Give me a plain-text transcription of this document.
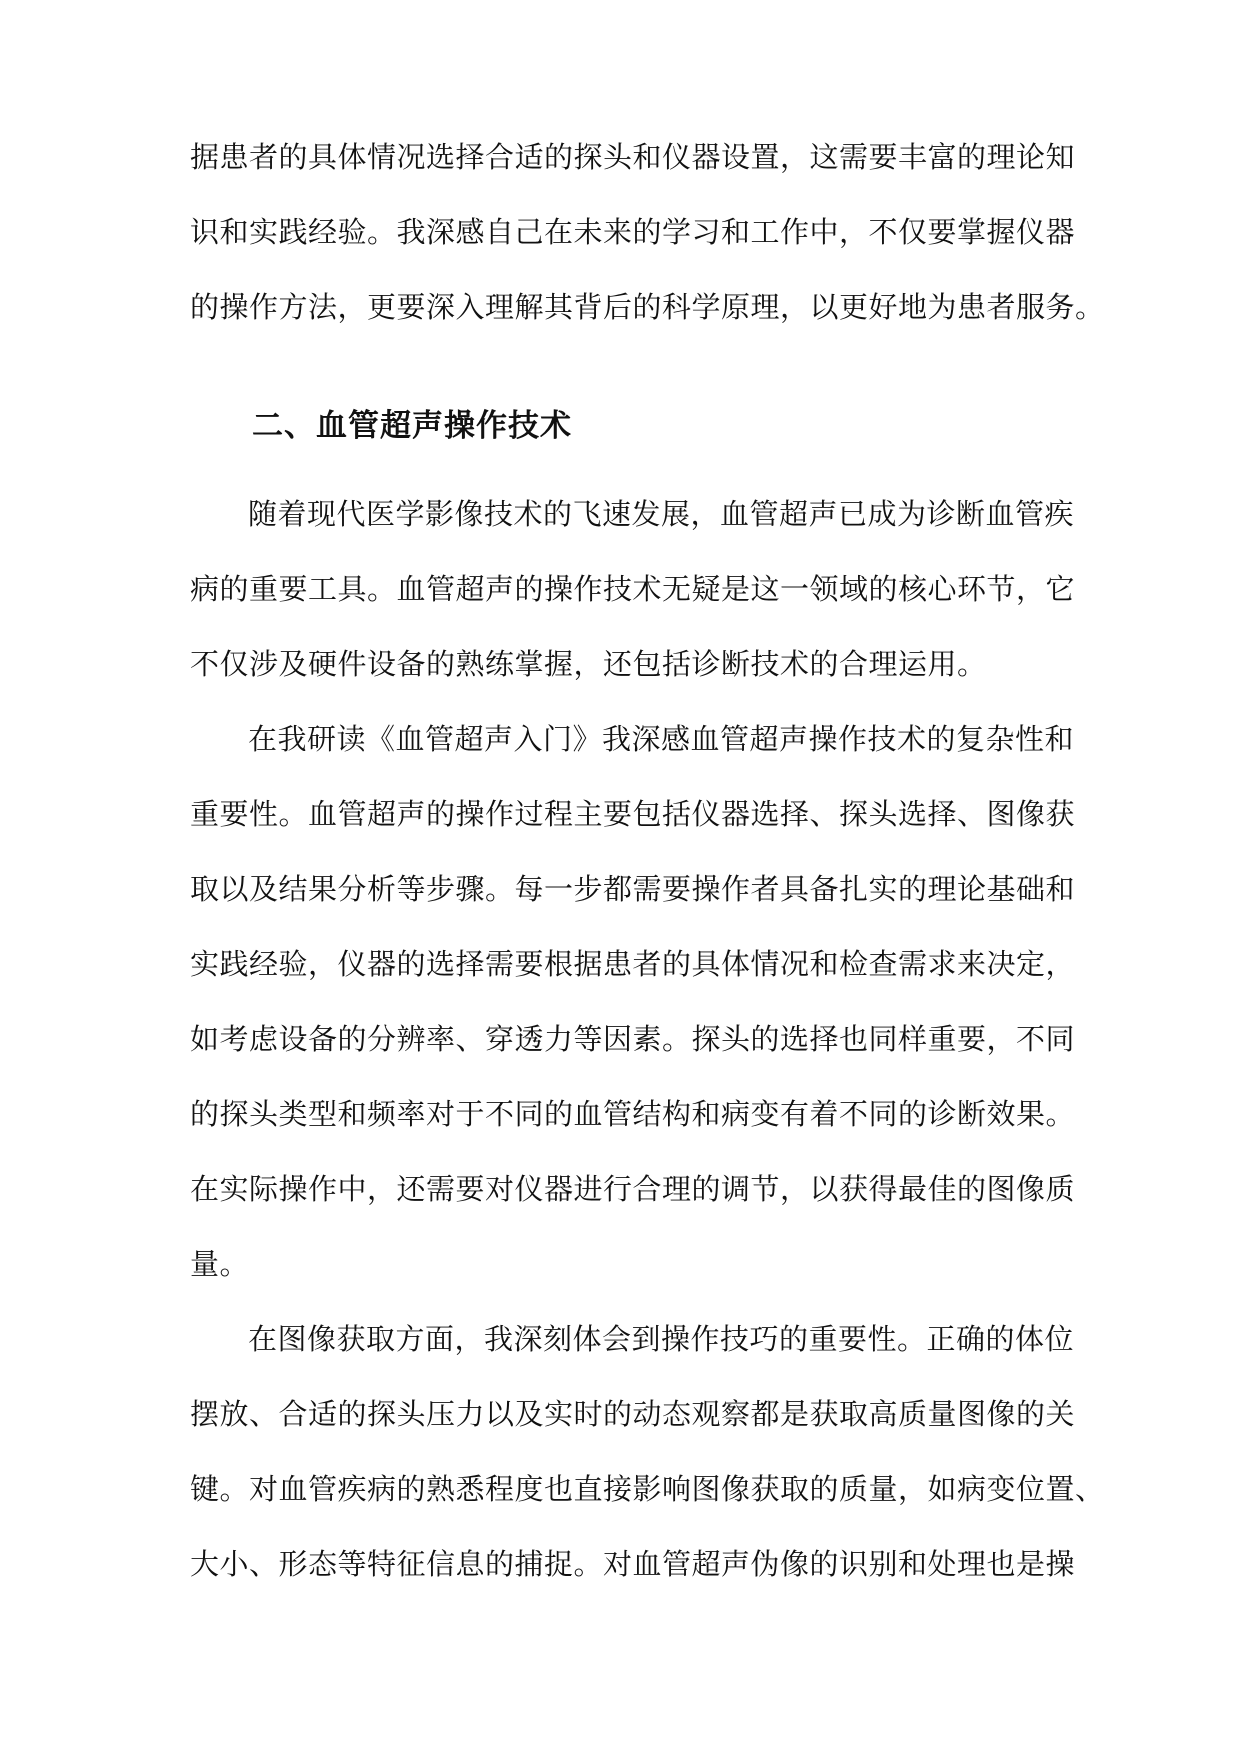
据患者的具体情况选择合适的探头和仪器设置，这需要丰富的理论知
识和实践经验。我深感自己在未来的学习和工作中，不仅要掌握仪器
的操作方法，更要深入理解其背后的科学原理，以更好地为患者服务。
二、血管超声操作技术
随着现代医学影像技术的飞速发展，血管超声已成为诊断血管疾
病的重要工具。血管超声的操作技术无疑是这一领域的核心环节，它
不仅涉及硬件设备的熟练掌握，还包括诊断技术的合理运用。
在我研读《血管超声入门》我深感血管超声操作技术的复杂性和
重要性。血管超声的操作过程主要包括仪器选择、探头选择、图像获
取以及结果分析等步骤。每一步都需要操作者具备扎实的理论基础和
实践经验，仪器的选择需要根据患者的具体情况和检查需求来决定，
如考虑设备的分辨率、穿透力等因素。探头的选择也同样重要，不同
的探头类型和频率对于不同的血管结构和病变有着不同的诊断效果。
在实际操作中，还需要对仪器进行合理的调节，以获得最佳的图像质
量。
在图像获取方面，我深刻体会到操作技巧的重要性。正确的体位
摆放、合适的探头压力以及实时的动态观察都是获取高质量图像的关
键。对血管疾病的熟悉程度也直接影响图像获取的质量，如病变位置、
大小、形态等特征信息的捕捉。对血管超声伪像的识别和处理也是操
